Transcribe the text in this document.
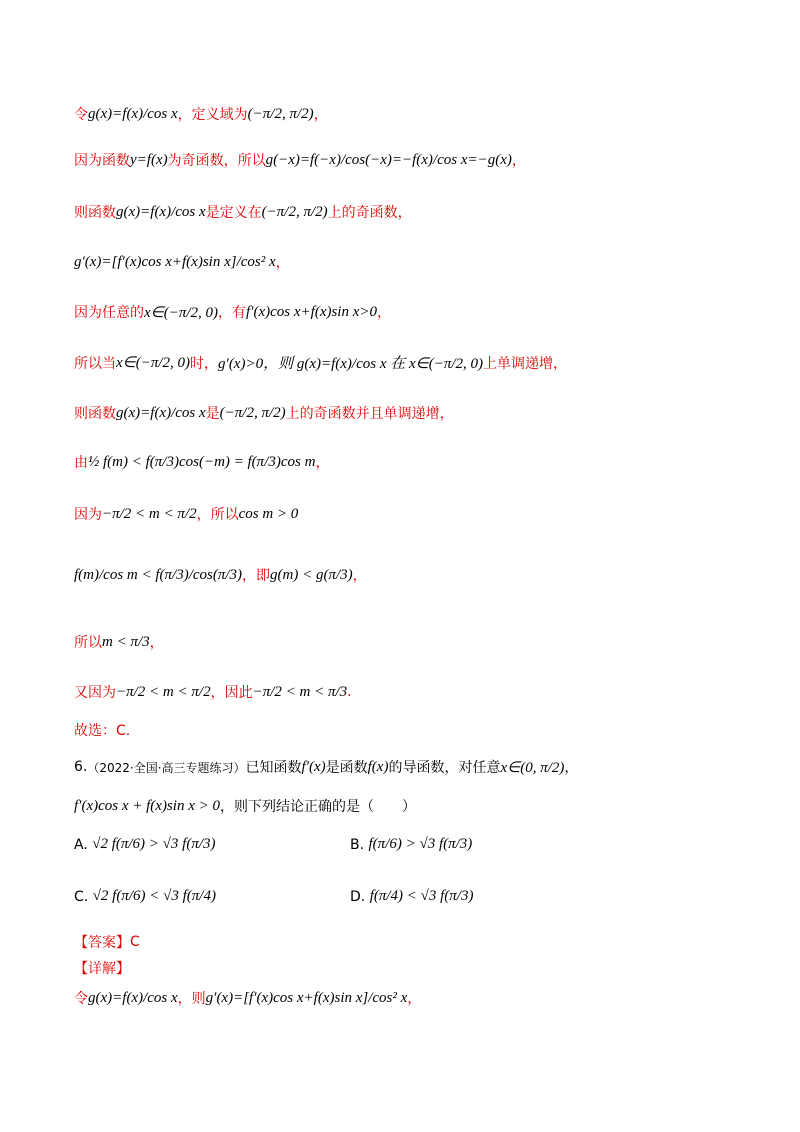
令 g(x)=f(x)/cos x ，定义域为 (−π/2, π/2) ，
因为函数 y=f(x) 为奇函数，所以 g(−x)=f(−x)/cos(−x)=−f(x)/cos x=−g(x) ，
则函数 g(x)=f(x)/cos x 是定义在 (−π/2, π/2) 上的奇函数，
g′(x)=[f′(x)cos x+f(x)sin x]/cos² x ，
因为任意的 x∈(−π/2, 0) ，有 f′(x)cos x+f(x)sin x>0 ，
所以当 x∈(−π/2, 0) 时， g′(x)>0，则 g(x)=f(x)/cos x 在 x∈(−π/2, 0) 上单调递增，
则函数 g(x)=f(x)/cos x 是 (−π/2, π/2) 上的奇函数并且单调递增，
由 ½ f(m) < f(π/3)cos(−m) = f(π/3)cos m ，
因为 −π/2 < m < π/2 ，所以 cos m > 0
f(m)/cos m < f(π/3)/cos(π/3) ，即 g(m) < g(π/3) ，
所以 m < π/3 ，
又因为 −π/2 < m < π/2 ，因此 −π/2 < m < π/3 .
故选：C.
6. （2022·全国·高三专题练习） 已知函数 f′(x) 是函数 f(x) 的导函数，对任意 x∈(0, π/2) ，
f′(x)cos x + f(x)sin x > 0 ，则下列结论正确的是（　　）
A.
√2 f(π/6) > √3 f(π/3)	B.
f(π/6) > √3 f(π/3)
C.
√2 f(π/6) < √3 f(π/4)	D.
f(π/4) < √3 f(π/3)
【答案】 C
【详解】
令 g(x)=f(x)/cos x ，则 g′(x)=[f′(x)cos x+f(x)sin x]/cos² x ，
